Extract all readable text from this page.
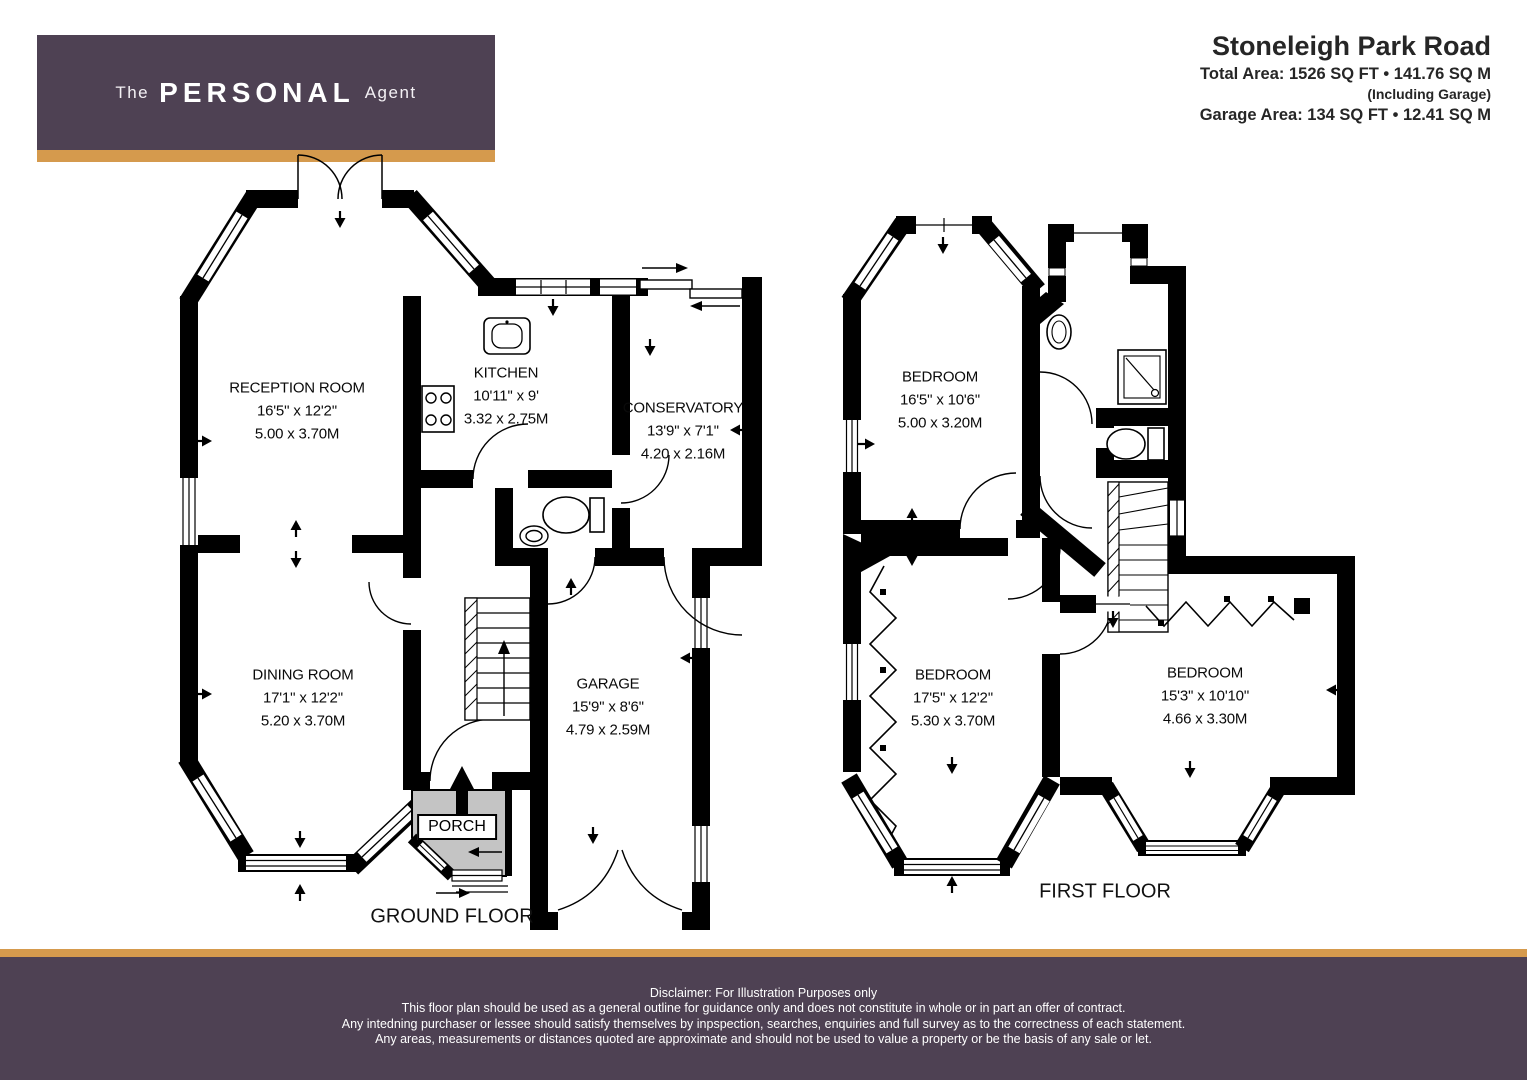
The PERSONAL Agent
Stoneleigh Park Road
Total Area: 1526 SQ FT • 141.76 SQ M
(Including Garage)
Garage Area: 134 SQ FT • 12.41 SQ M
RECEPTION ROOM
16'5'' x 12'2''
5.00 x 3.70M
KITCHEN
10'11'' x 9'
3.32 x 2.75M
CONSERVATORY
13'9'' x 7'1''
4.20 x 2.16M
DINING ROOM
17'1'' x 12'2''
5.20 x 3.70M
GARAGE
15'9'' x 8'6''
4.79 x 2.59M
PORCH
BEDROOM
16'5'' x 10'6''
5.00 x 3.20M
BEDROOM
17'5'' x 12'2''
5.30 x 3.70M
BEDROOM
15'3'' x 10'10''
4.66 x 3.30M
GROUND FLOOR
FIRST FLOOR
Disclaimer: For Illustration Purposes only
This floor plan should be used as a general outline for guidance only and does not constitute in whole or in part an offer of contract.
Any intedning purchaser or lessee should satisfy themselves by inpspection, searches, enquiries and full survey as to the correctness of each statement.
Any areas, measurements or distances quoted are approximate and should not be used to value a property or be the basis of any sale or let.
